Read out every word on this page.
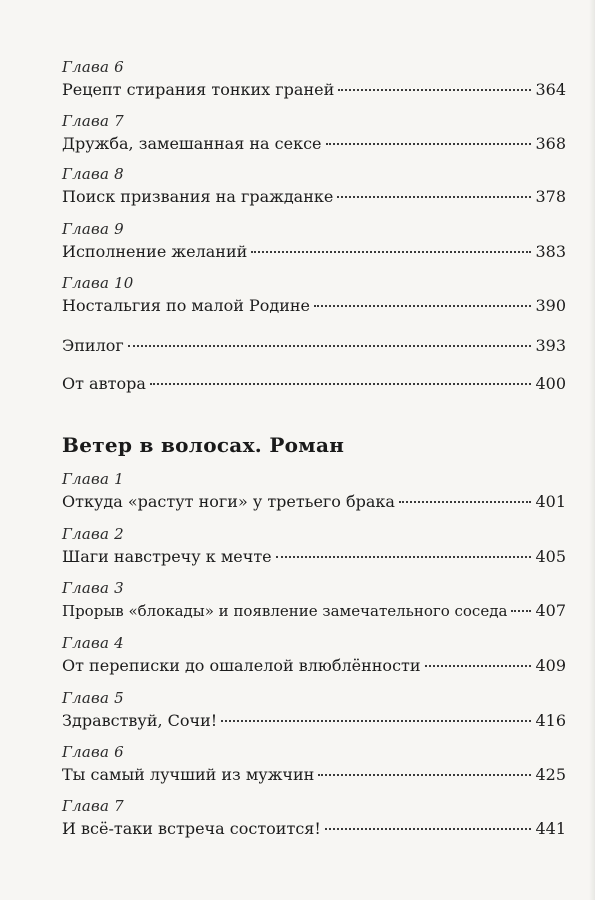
Глава 6
Рецепт стирания тонких граней	364
Глава 7
Дружба, замешанная на сексе	368
Глава 8
Поиск призвания на гражданке	378
Глава 9
Исполнение желаний	383
Глава 10
Ностальгия по малой Родине	390
Эпилог	393
От автора	400
Ветер в волосах. Роман
Глава 1
Откуда «растут ноги» у третьего брака	401
Глава 2
Шаги навстречу к мечте	405
Глава 3
Прорыв «блокады» и появление замечательного соседа 407
Глава 4
От переписки до ошалелой влюблённости	409
Глава 5
Здравствуй, Сочи!	416
Глава 6
Ты самый лучший из мужчин	425
Глава 7
И всё-таки встреча состоится!	441
